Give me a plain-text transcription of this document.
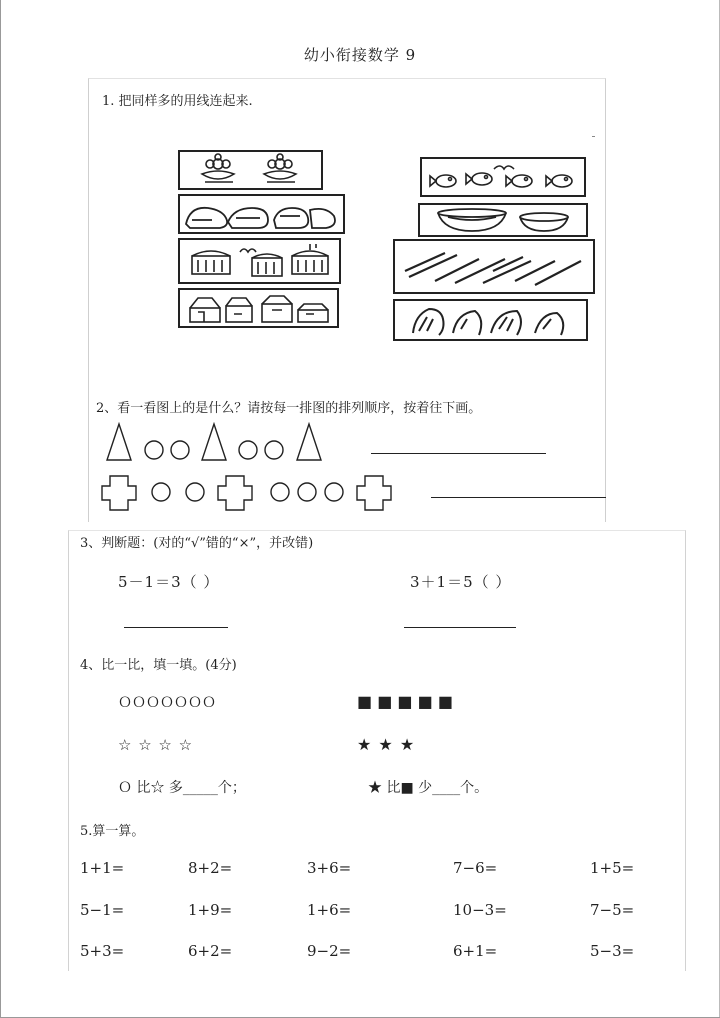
幼小衔接数学 9
1. 把同样多的用线连起来.
2、看一看图上的是什么？请按每一排图的排列顺序，按着往下画。
3、判断题：(对的“√”错的“×”，并改错)
5－1＝3（ ）	3＋1＝5（ ）
4、比一比，填一填。(4分)
ＯＯＯＯＯＯＯ	■ ■ ■ ■ ■
☆ ☆ ☆ ☆	★ ★ ★
Ｏ 比☆ 多_____个；	★ 比■ 少____个。
5.算一算。
1+1=	8+2=	3+6=	7−6=	1+5=
5−1=	1+9=	1+6=	10−3=	7−5=
5+3=	6+2=	9−2=	6+1=	5−3=
